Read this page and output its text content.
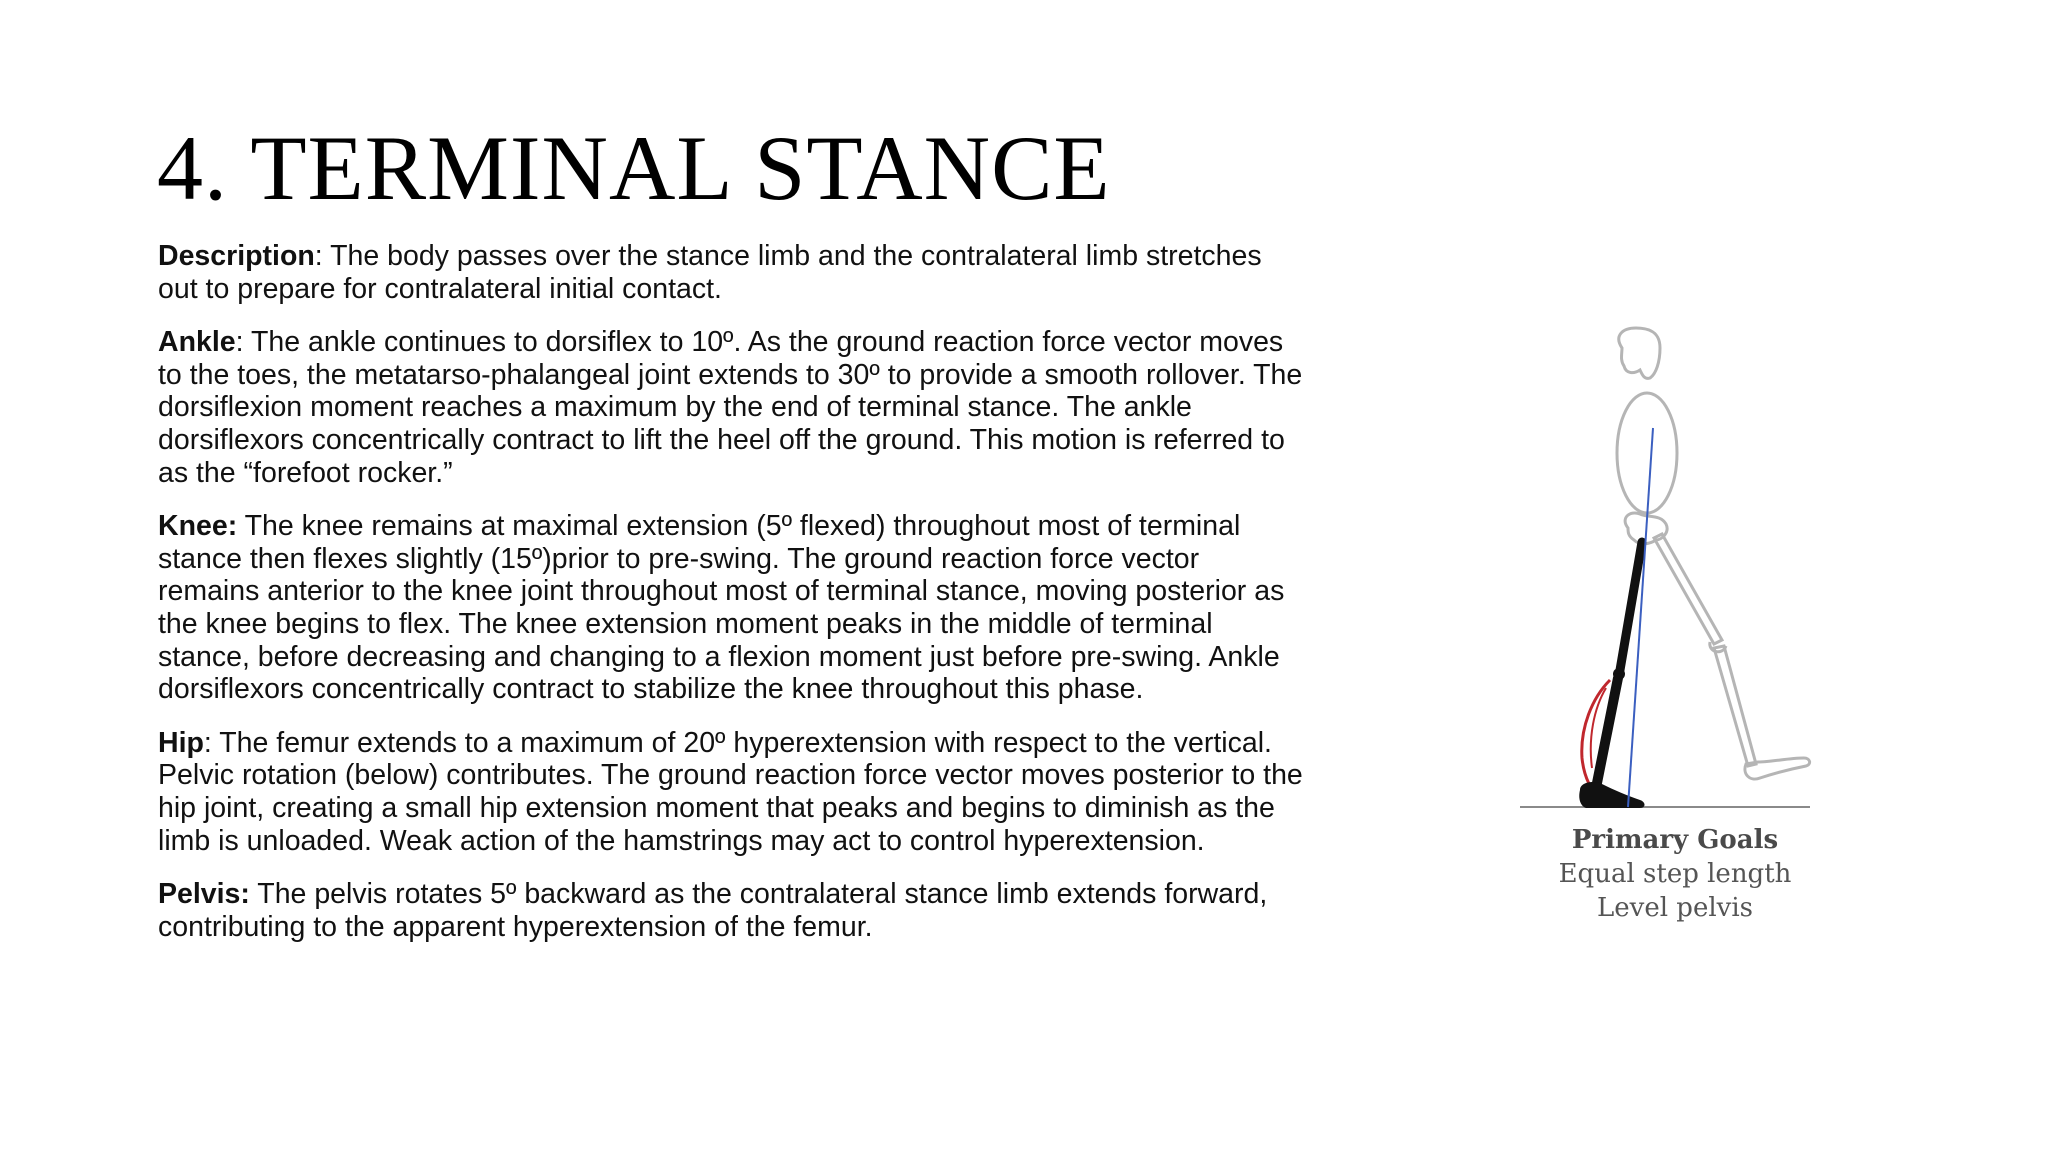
4. TERMINAL STANCE

Description: The body passes over the stance limb and the contralateral limb stretches out to prepare for contralateral initial contact.

Ankle: The ankle continues to dorsiflex to 10º. As the ground reaction force vector moves to the toes, the metatarso-phalangeal joint extends to 30º to provide a smooth rollover. The dorsiflexion moment reaches a maximum by the end of terminal stance. The ankle dorsiflexors concentrically contract to lift the heel off the ground. This motion is referred to as the “forefoot rocker.”

Knee: The knee remains at maximal extension (5º flexed) throughout most of terminal stance then flexes slightly (15º)prior to pre-swing. The ground reaction force vector remains anterior to the knee joint throughout most of terminal stance, moving posterior as the knee begins to flex. The knee extension moment peaks in the middle of terminal stance, before decreasing and changing to a flexion moment just before pre-swing. Ankle dorsiflexors concentrically contract to stabilize the knee throughout this phase.

Hip: The femur extends to a maximum of 20º hyperextension with respect to the vertical. Pelvic rotation (below) contributes. The ground reaction force vector moves posterior to the hip joint, creating a small hip extension moment that peaks and begins to diminish as the limb is unloaded. Weak action of the hamstrings may act to control hyperextension.

Pelvis: The pelvis rotates 5º backward as the contralateral stance limb extends forward, contributing to the apparent hyperextension of the femur.

Primary Goals
Equal step length
Level pelvis
